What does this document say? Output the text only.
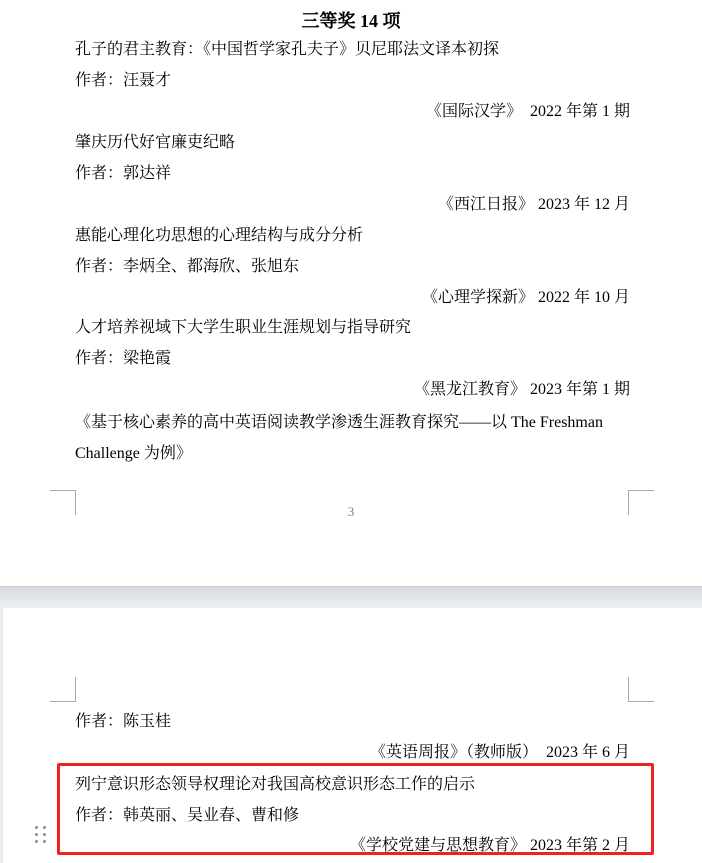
三等奖 14 项
孔子的君主教育：《中国哲学家孔夫子》贝尼耶法文译本初探
作者：汪聂才
《国际汉学》  2022 年第 1 期
肇庆历代好官廉吏纪略
作者：郭达祥
《西江日报》 2023 年 12 月
惠能心理化功思想的心理结构与成分分析
作者：李炳全、都海欣、张旭东
《心理学探新》 2022 年 10 月
人才培养视域下大学生职业生涯规划与指导研究
作者：梁艳霞
《黑龙江教育》 2023 年第 1 期
《基于核心素养的高中英语阅读教学渗透生涯教育探究——以 The Freshman Challenge 为例》
3
作者：陈玉桂
《英语周报》（教师版）  2023 年 6 月
列宁意识形态领导权理论对我国高校意识形态工作的启示
作者：韩英丽、吴业春、曹和修
《学校党建与思想教育》 2023 年第 2 月
